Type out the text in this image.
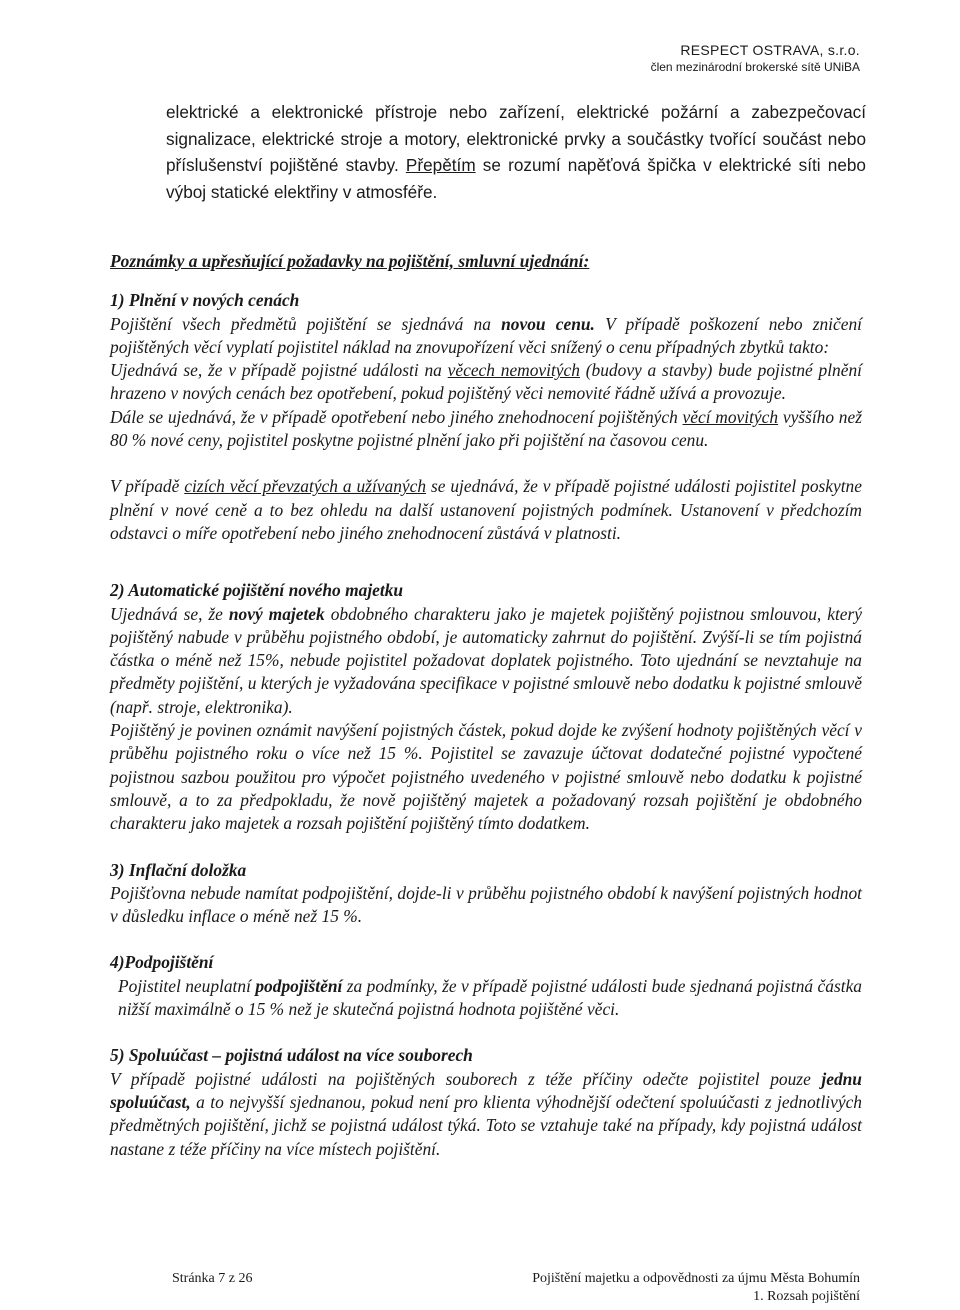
RESPECT OSTRAVA, s.r.o.
člen mezinárodní brokerské sítě UNiBA
elektrické a elektronické přístroje nebo zařízení, elektrické požární a zabezpečovací signalizace, elektrické stroje a motory, elektronické prvky a součástky tvořící součást nebo příslušenství pojištěné stavby. Přepětím se rozumí napěťová špička v elektrické síti nebo výboj statické elektřiny v atmosféře.

Poznámky a upřesňující požadavky na pojištění, smluvní ujednání:

1) Plnění v nových cenách

Pojištění všech předmětů pojištění se sjednává na novou cenu. V případě poškození nebo zničení pojištěných věcí vyplatí pojistitel náklad na znovupořízení věci snížený o cenu případných zbytků takto:

Ujednává se, že v případě pojistné události na věcech nemovitých (budovy a stavby) bude pojistné plnění hrazeno v nových cenách bez opotřebení, pokud pojištěný věci nemovité řádně užívá a provozuje.

Dále se ujednává, že v případě opotřebení nebo jiného znehodnocení pojištěných věcí movitých vyššího než 80 % nové ceny, pojistitel poskytne pojistné plnění jako při pojištění na časovou cenu.

V případě cizích věcí převzatých a užívaných se ujednává, že v případě pojistné události pojistitel poskytne plnění v nové ceně a to bez ohledu na další ustanovení pojistných podmínek. Ustanovení v předchozím odstavci o míře opotřebení nebo jiného znehodnocení zůstává v platnosti.

2) Automatické pojištění nového majetku

Ujednává se, že nový majetek obdobného charakteru jako je majetek pojištěný pojistnou smlouvou, který pojištěný nabude v průběhu pojistného období, je automaticky zahrnut do pojištění. Zvýší-li se tím pojistná částka o méně než 15%, nebude pojistitel požadovat doplatek pojistného. Toto ujednání se nevztahuje na předměty pojištění, u kterých je vyžadována specifikace v pojistné smlouvě nebo dodatku k pojistné smlouvě (např. stroje, elektronika).

Pojištěný je povinen oznámit navýšení pojistných částek, pokud dojde ke zvýšení hodnoty pojištěných věcí v průběhu pojistného roku o více než 15 %. Pojistitel se zavazuje účtovat dodatečné pojistné vypočtené pojistnou sazbou použitou pro výpočet pojistného uvedeného v pojistné smlouvě nebo dodatku k pojistné smlouvě, a to za předpokladu, že nově pojištěný majetek a požadovaný rozsah pojištění je obdobného charakteru jako majetek a rozsah pojištění pojištěný tímto dodatkem.

3) Inflační doložka

Pojišťovna nebude namítat podpojištění, dojde-li v průběhu pojistného období k navýšení pojistných hodnot v důsledku inflace o méně než 15 %.

4)Podpojištění

Pojistitel neuplatní podpojištění za podmínky, že v případě pojistné události bude sjednaná pojistná částka nižší maximálně o 15 % než je skutečná pojistná hodnota pojištěné věci.

5) Spoluúčast – pojistná událost na více souborech

V případě pojistné události na pojištěných souborech z téže příčiny odečte pojistitel pouze jednu spoluúčast, a to nejvyšší sjednanou, pokud není pro klienta výhodnější odečtení spoluúčasti z jednotlivých předmětných pojištění, jichž se pojistná událost týká. Toto se vztahuje také na případy, kdy pojistná událost nastane z téže příčiny na více místech pojištění.

Stránka 7 z 26	Pojištění majetku a odpovědnosti za újmu Města Bohumín
1. Rozsah pojištění
